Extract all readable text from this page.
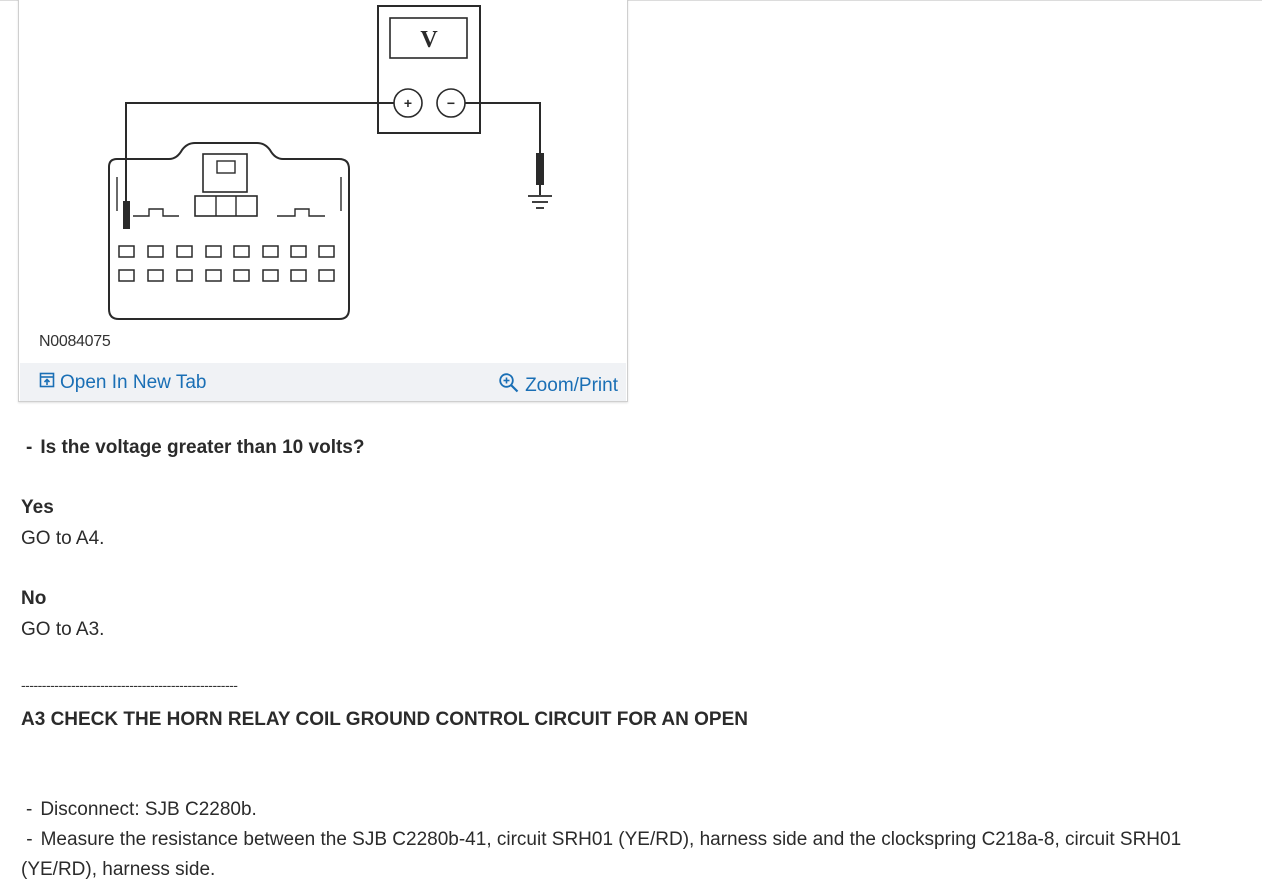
V
+ −
N0084075
Open In New Tab	Zoom/Print
- Is the voltage greater than 10 volts?
Yes
GO to A4.
No
GO to A3.
----------------------------------------------------
A3 CHECK THE HORN RELAY COIL GROUND CONTROL CIRCUIT FOR AN OPEN
- Disconnect: SJB C2280b.
- Measure the resistance between the SJB C2280b-41, circuit SRH01 (YE/RD), harness side and the clockspring C218a-8, circuit SRH01 (YE/RD), harness side.
